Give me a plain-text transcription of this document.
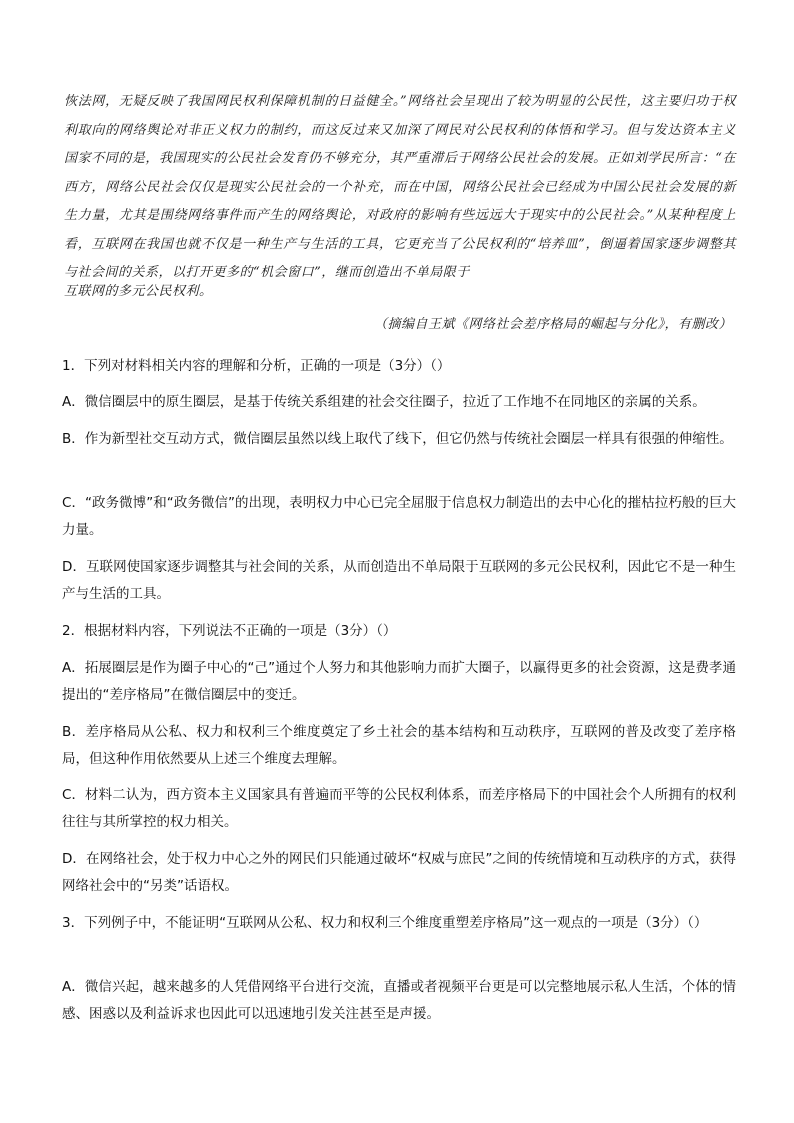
恢法网，无疑反映了我国网民权利保障机制的日益健全。”网络社会呈现出了较为明显的公民性，这主要归功于权利取向的网络舆论对非正义权力的制约，而这反过来又加深了网民对公民权利的体悟和学习。但与发达资本主义国家不同的是，我国现实的公民社会发育仍不够充分，其严重滞后于网络公民社会的发展。正如刘学民所言：“在西方，网络公民社会仅仅是现实公民社会的一个补充，而在中国，网络公民社会已经成为中国公民社会发展的新生力量，尤其是围绕网络事件而产生的网络舆论，对政府的影响有些远远大于现实中的公民社会。”从某种程度上看，互联网在我国也就不仅是一种生产与生活的工具，它更充当了公民权利的“培养皿”，倒逼着国家逐步调整其与社会间的关系，以打开更多的“机会窗口”，继而创造出不单局限于

互联网的多元公民权利。

（摘编自王斌《网络社会差序格局的崛起与分化》，有删改）

1．下列对材料相关内容的理解和分析，正确的一项是（3分）（）

A．微信圈层中的原生圈层，是基于传统关系组建的社会交往圈子，拉近了工作地不在同地区的亲属的关系。

B．作为新型社交互动方式，微信圈层虽然以线上取代了线下，但它仍然与传统社会圈层一样具有很强的伸缩性。

C．“政务微博”和“政务微信”的出现，表明权力中心已完全屈服于信息权力制造出的去中心化的摧枯拉朽般的巨大力量。

D．互联网使国家逐步调整其与社会间的关系，从而创造出不单局限于互联网的多元公民权利，因此它不是一种生产与生活的工具。

2．根据材料内容，下列说法不正确的一项是（3分）（）

A．拓展圈层是作为圈子中心的“己”通过个人努力和其他影响力而扩大圈子，以赢得更多的社会资源，这是费孝通提出的“差序格局”在微信圈层中的变迁。

B．差序格局从公私、权力和权利三个维度奠定了乡土社会的基本结构和互动秩序，互联网的普及改变了差序格局，但这种作用依然要从上述三个维度去理解。

C．材料二认为，西方资本主义国家具有普遍而平等的公民权利体系，而差序格局下的中国社会个人所拥有的权利往往与其所掌控的权力相关。

D．在网络社会，处于权力中心之外的网民们只能通过破坏“权威与庶民”之间的传统情境和互动秩序的方式，获得网络社会中的“另类”话语权。

3．下列例子中，不能证明“互联网从公私、权力和权利三个维度重塑差序格局”这一观点的一项是（3分）（）

A．微信兴起，越来越多的人凭借网络平台进行交流，直播或者视频平台更是可以完整地展示私人生活，个体的情感、困惑以及利益诉求也因此可以迅速地引发关注甚至是声援。
